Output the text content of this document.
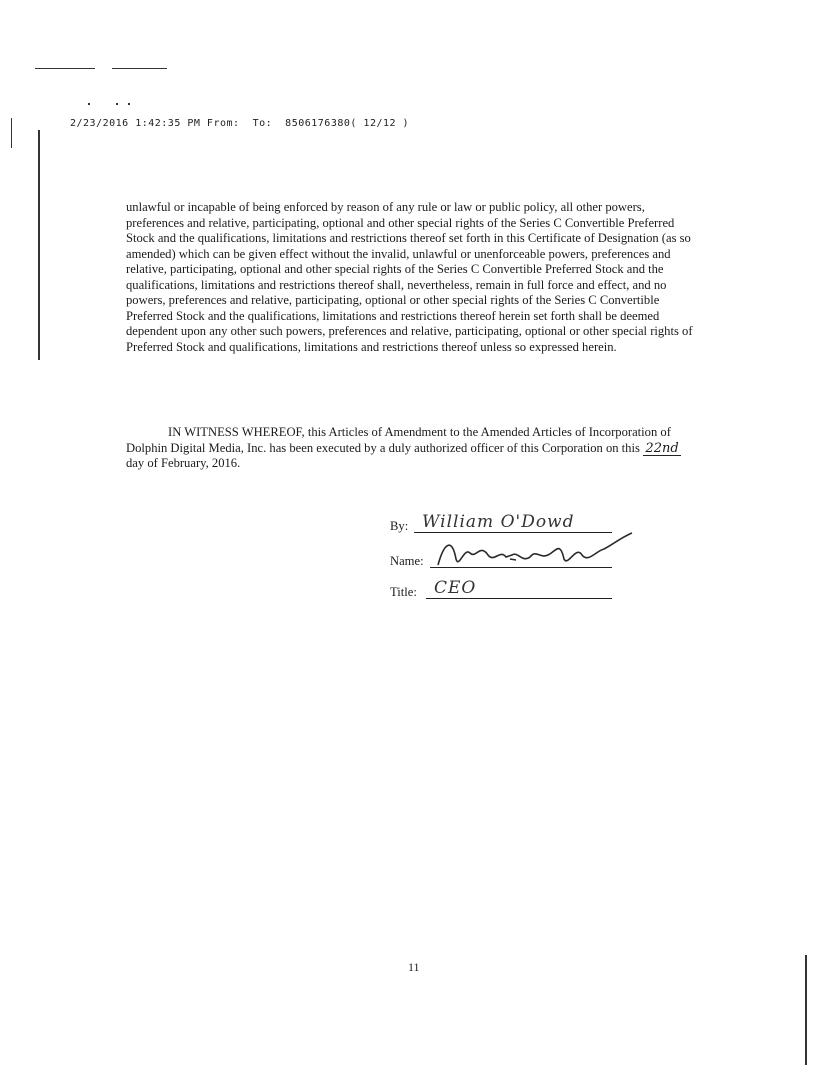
2/23/2016 1:42:35 PM From:  To:  8506176380( 12/12 )
unlawful or incapable of being enforced by reason of any rule or law or public policy, all other powers, preferences and relative, participating, optional and other special rights of the Series C Convertible Preferred Stock and the qualifications, limitations and restrictions thereof set forth in this Certificate of Designation (as so amended) which can be given effect without the invalid, unlawful or unenforceable powers, preferences and relative, participating, optional and other special rights of the Series C Convertible Preferred Stock and the qualifications, limitations and restrictions thereof shall, nevertheless, remain in full force and effect, and no powers, preferences and relative, participating, optional or other special rights of the Series C Convertible Preferred Stock and the qualifications, limitations and restrictions thereof herein set forth shall be deemed dependent upon any other such powers, preferences and relative, participating, optional or other special rights of Preferred Stock and qualifications, limitations and restrictions thereof unless so expressed herein.
IN WITNESS WHEREOF, this Articles of Amendment to the Amended Articles of Incorporation of Dolphin Digital Media, Inc. has been executed by a duly authorized officer of this Corporation on this 22nd day of February, 2016.
By: William O'Dowd
Name:
Title: CEO
11
